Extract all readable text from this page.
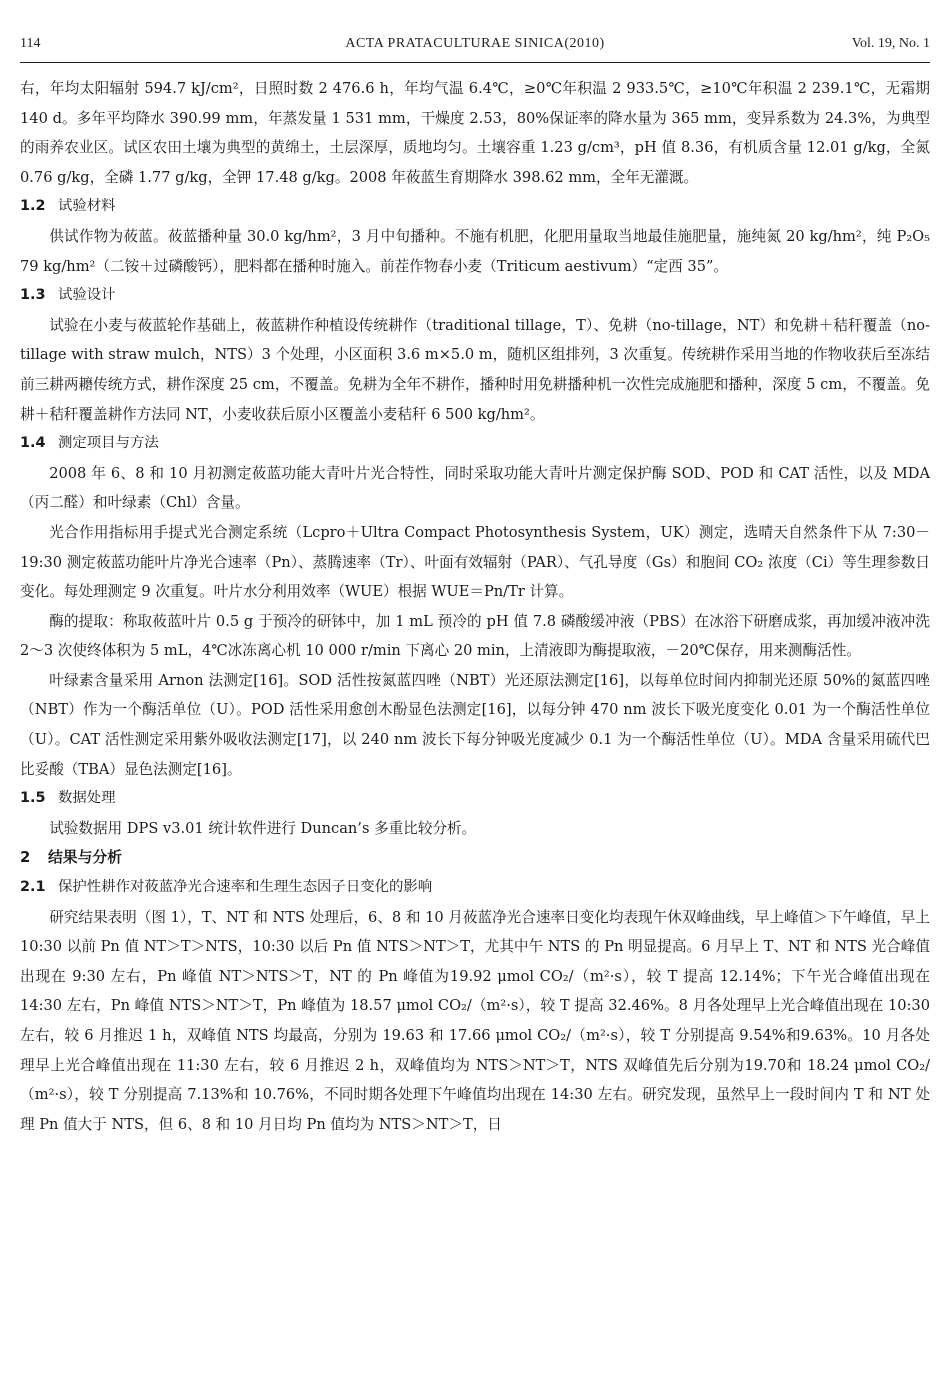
114	ACTA PRATACULTURAE SINICA(2010)	Vol. 19, No. 1

右，年均太阳辐射 594.7 kJ/cm²，日照时数 2 476.6 h，年均气温 6.4℃，≥0℃年积温 2 933.5℃，≥10℃年积温 2 239.1℃，无霜期 140 d。多年平均降水 390.99 mm，年蒸发量 1 531 mm，干燥度 2.53，80%保证率的降水量为 365 mm，变异系数为 24.3%，为典型的雨养农业区。试区农田土壤为典型的黄绵土，土层深厚，质地均匀。土壤容重 1.23 g/cm³，pH 值 8.36，有机质含量 12.01 g/kg，全氮 0.76 g/kg，全磷 1.77 g/kg，全钾 17.48 g/kg。2008 年莜蓝生育期降水 398.62 mm，全年无灌溉。

1.2 试验材料

供试作物为莜蓝。莜蓝播种量 30.0 kg/hm²，3 月中旬播种。不施有机肥，化肥用量取当地最佳施肥量，施纯氮 20 kg/hm²，纯 P₂O₅ 79 kg/hm²（二铵＋过磷酸钙），肥料都在播种时施入。前茬作物春小麦（Triticum aestivum）“定西 35”。

1.3 试验设计

试验在小麦与莜蓝轮作基础上，莜蓝耕作种植设传统耕作（traditional tillage，T）、免耕（no-tillage，NT）和免耕＋秸秆覆盖（no-tillage with straw mulch，NTS）3 个处理，小区面积 3.6 m×5.0 m，随机区组排列，3 次重复。传统耕作采用当地的作物收获后至冻结前三耕两耱传统方式，耕作深度 25 cm，不覆盖。免耕为全年不耕作，播种时用免耕播种机一次性完成施肥和播种，深度 5 cm，不覆盖。免耕＋秸秆覆盖耕作方法同 NT，小麦收获后原小区覆盖小麦秸秆 6 500 kg/hm²。

1.4 测定项目与方法

2008 年 6、8 和 10 月初测定莜蓝功能大青叶片光合特性，同时采取功能大青叶片测定保护酶 SOD、POD 和 CAT 活性，以及 MDA（丙二醛）和叶绿素（Chl）含量。

光合作用指标用手提式光合测定系统（Lcpro＋Ultra Compact Photosynthesis System，UK）测定，选晴天自然条件下从 7:30－19:30 测定莜蓝功能叶片净光合速率（Pn）、蒸腾速率（Tr）、叶面有效辐射（PAR）、气孔导度（Gs）和胞间 CO₂ 浓度（Ci）等生理参数日变化。每处理测定 9 次重复。叶片水分利用效率（WUE）根据 WUE＝Pn/Tr 计算。

酶的提取：称取莜蓝叶片 0.5 g 于预冷的研钵中，加 1 mL 预冷的 pH 值 7.8 磷酸缓冲液（PBS）在冰浴下研磨成浆，再加缓冲液冲洗 2～3 次使终体积为 5 mL，4℃冰冻离心机 10 000 r/min 下离心 20 min，上清液即为酶提取液，－20℃保存，用来测酶活性。

叶绿素含量采用 Arnon 法测定[16]。SOD 活性按氮蓝四唑（NBT）光还原法测定[16]，以每单位时间内抑制光还原 50%的氮蓝四唑（NBT）作为一个酶活单位（U）。POD 活性采用愈创木酚显色法测定[16]，以每分钟 470 nm 波长下吸光度变化 0.01 为一个酶活性单位（U）。CAT 活性测定采用紫外吸收法测定[17]，以 240 nm 波长下每分钟吸光度减少 0.1 为一个酶活性单位（U）。MDA 含量采用硫代巴比妥酸（TBA）显色法测定[16]。

1.5 数据处理

试验数据用 DPS v3.01 统计软件进行 Duncan’s 多重比较分析。

2 结果与分析

2.1 保护性耕作对莜蓝净光合速率和生理生态因子日变化的影响

研究结果表明（图 1），T、NT 和 NTS 处理后，6、8 和 10 月莜蓝净光合速率日变化均表现午休双峰曲线，早上峰值＞下午峰值，早上 10:30 以前 Pn 值 NT＞T＞NTS，10:30 以后 Pn 值 NTS＞NT＞T，尤其中午 NTS 的 Pn 明显提高。6 月早上 T、NT 和 NTS 光合峰值出现在 9:30 左右，Pn 峰值 NT＞NTS＞T，NT 的 Pn 峰值为19.92 μmol CO₂/（m²·s），较 T 提高 12.14%；下午光合峰值出现在 14:30 左右，Pn 峰值 NTS＞NT＞T，Pn 峰值为 18.57 μmol CO₂/（m²·s），较 T 提高 32.46%。8 月各处理早上光合峰值出现在 10:30 左右，较 6 月推迟 1 h，双峰值 NTS 均最高，分别为 19.63 和 17.66 μmol CO₂/（m²·s），较 T 分别提高 9.54%和9.63%。10 月各处理早上光合峰值出现在 11:30 左右，较 6 月推迟 2 h，双峰值均为 NTS＞NT＞T，NTS 双峰值先后分别为19.70和 18.24 μmol CO₂/（m²·s），较 T 分别提高 7.13%和 10.76%，不同时期各处理下午峰值均出现在 14:30 左右。研究发现，虽然早上一段时间内 T 和 NT 处理 Pn 值大于 NTS，但 6、8 和 10 月日均 Pn 值均为 NTS＞NT＞T，日
